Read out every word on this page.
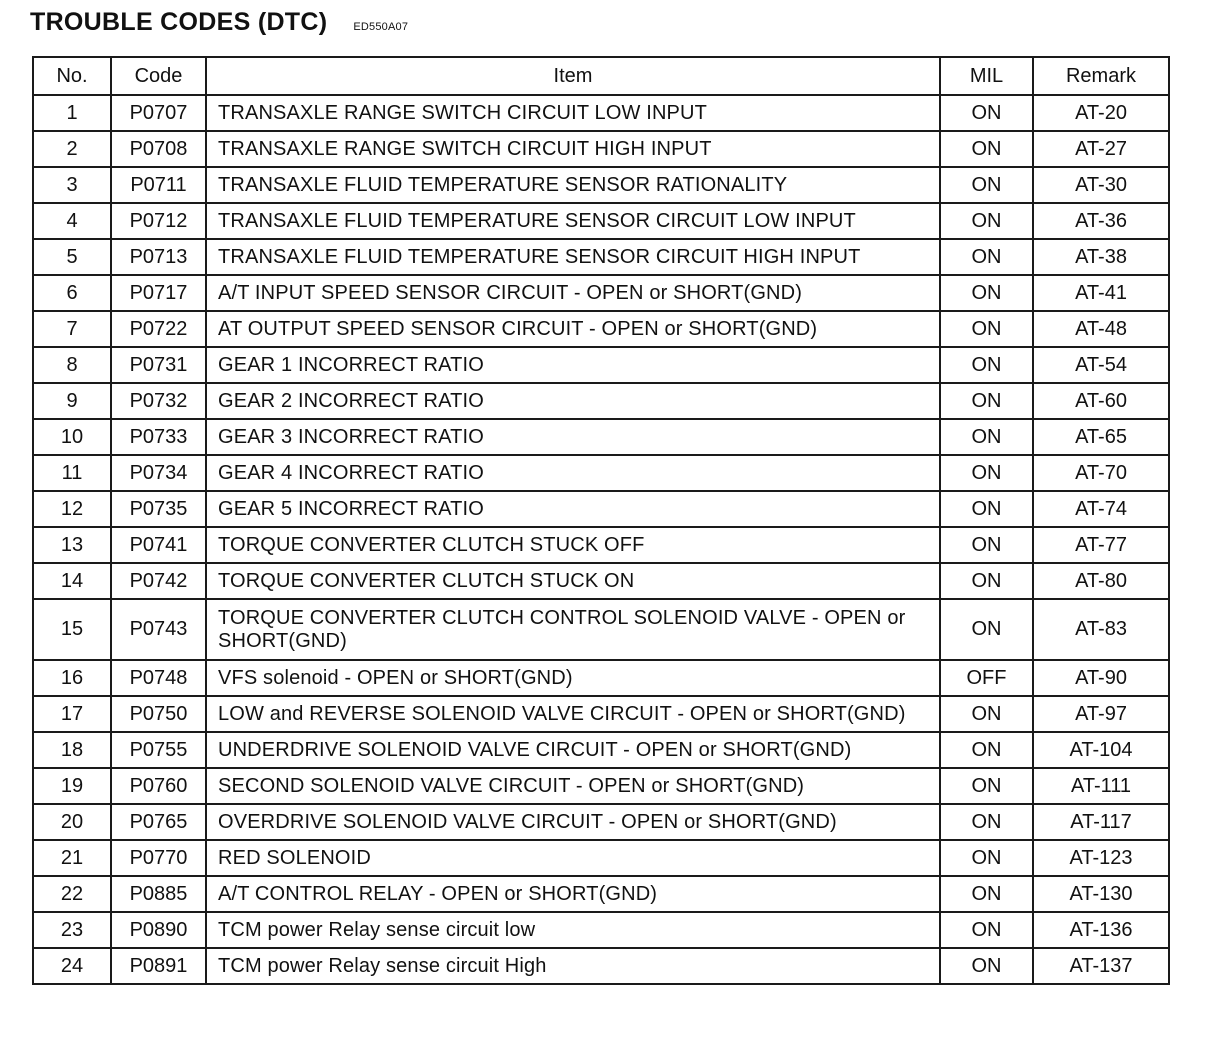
TROUBLE CODES (DTC) ED550A07
No.	Code	Item	MIL	Remark
1	P0707	TRANSAXLE RANGE SWITCH CIRCUIT LOW INPUT	ON	AT-20
2	P0708	TRANSAXLE RANGE SWITCH CIRCUIT HIGH INPUT	ON	AT-27
3	P0711	TRANSAXLE FLUID TEMPERATURE SENSOR RATIONALITY	ON	AT-30
4	P0712	TRANSAXLE FLUID TEMPERATURE SENSOR CIRCUIT LOW INPUT	ON	AT-36
5	P0713	TRANSAXLE FLUID TEMPERATURE SENSOR CIRCUIT HIGH INPUT	ON	AT-38
6	P0717	A/T INPUT SPEED SENSOR CIRCUIT - OPEN or SHORT(GND)	ON	AT-41
7	P0722	AT OUTPUT SPEED SENSOR CIRCUIT - OPEN or SHORT(GND)	ON	AT-48
8	P0731	GEAR 1 INCORRECT RATIO	ON	AT-54
9	P0732	GEAR 2 INCORRECT RATIO	ON	AT-60
10	P0733	GEAR 3 INCORRECT RATIO	ON	AT-65
11	P0734	GEAR 4 INCORRECT RATIO	ON	AT-70
12	P0735	GEAR 5 INCORRECT RATIO	ON	AT-74
13	P0741	TORQUE CONVERTER CLUTCH STUCK OFF	ON	AT-77
14	P0742	TORQUE CONVERTER CLUTCH STUCK ON	ON	AT-80
15	P0743	TORQUE CONVERTER CLUTCH CONTROL SOLENOID VALVE - OPEN or SHORT(GND)	ON	AT-83
16	P0748	VFS solenoid - OPEN or SHORT(GND)	OFF	AT-90
17	P0750	LOW and REVERSE SOLENOID VALVE CIRCUIT - OPEN or SHORT(GND)	ON	AT-97
18	P0755	UNDERDRIVE SOLENOID VALVE CIRCUIT - OPEN or SHORT(GND)	ON	AT-104
19	P0760	SECOND SOLENOID VALVE CIRCUIT - OPEN or SHORT(GND)	ON	AT-111
20	P0765	OVERDRIVE SOLENOID VALVE CIRCUIT - OPEN or SHORT(GND)	ON	AT-117
21	P0770	RED SOLENOID	ON	AT-123
22	P0885	A/T CONTROL RELAY - OPEN or SHORT(GND)	ON	AT-130
23	P0890	TCM power Relay sense circuit low	ON	AT-136
24	P0891	TCM power Relay sense circuit High	ON	AT-137
